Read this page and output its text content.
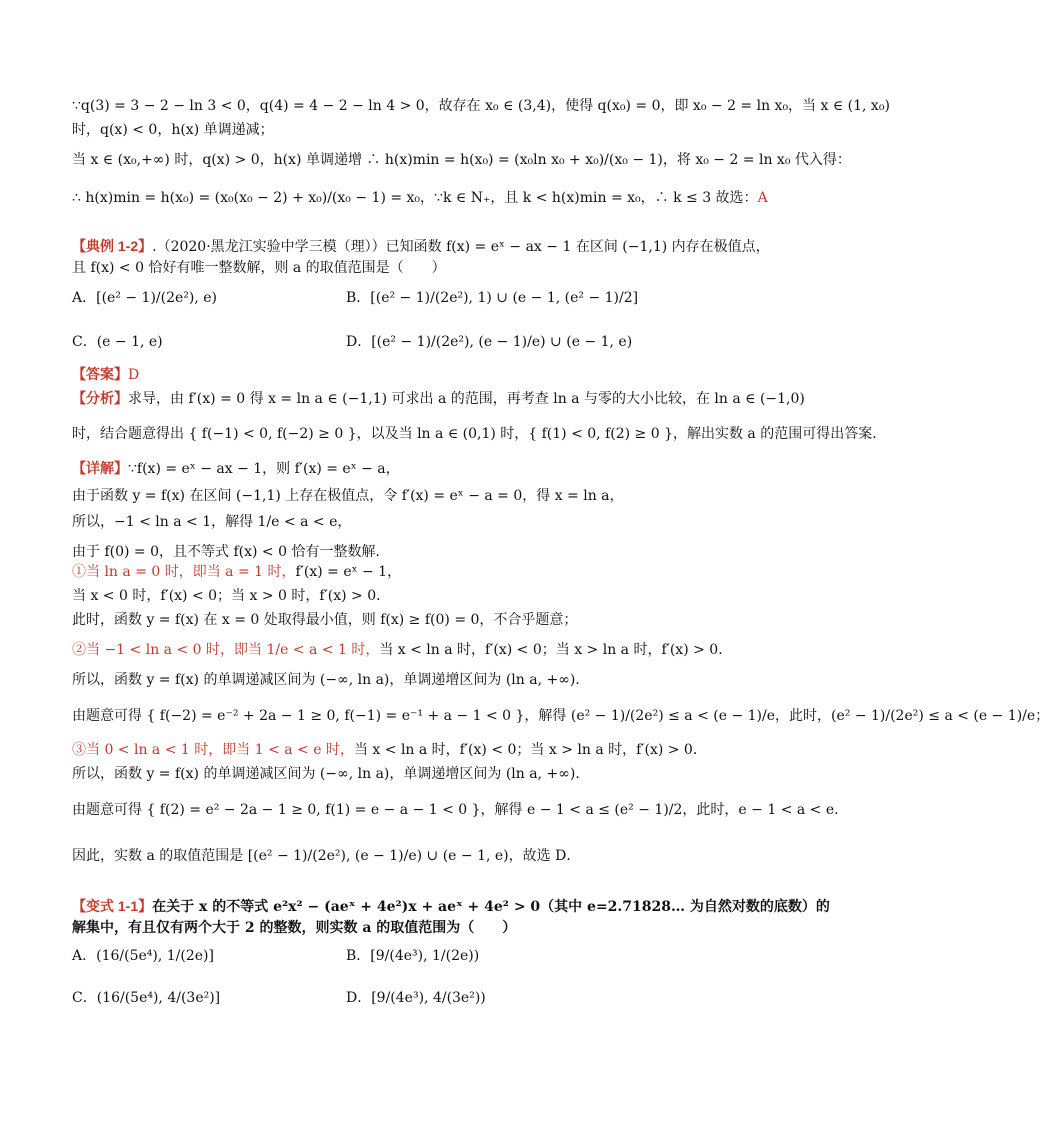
∵q(3) = 3 − 2 − ln 3 < 0，q(4) = 4 − 2 − ln 4 > 0，故存在 x₀ ∈ (3,4)，使得 q(x₀) = 0，即 x₀ − 2 = ln x₀，当 x ∈ (1, x₀)
时，q(x) < 0，h(x) 单调递减；
当 x ∈ (x₀,+∞) 时，q(x) > 0，h(x) 单调递增 ∴ h(x)min = h(x₀) = (x₀ln x₀ + x₀)/(x₀ − 1)，将 x₀ − 2 = ln x₀ 代入得：
∴ h(x)min = h(x₀) = (x₀(x₀ − 2) + x₀)/(x₀ − 1) = x₀，∵k ∈ N₊，且 k < h(x)min = x₀，∴ k ≤ 3 故选：A
【典例 1-2】.（2020·黑龙江实验中学三模（理））已知函数 f(x) = eˣ − ax − 1 在区间 (−1,1) 内存在极值点，
且 f(x) < 0 恰好有唯一整数解，则 a 的取值范围是（　　）
A．[(e² − 1)/(2e²), e)	B．[(e² − 1)/(2e²), 1) ∪ (e − 1, (e² − 1)/2]
C．(e − 1, e)	D．[(e² − 1)/(2e²), (e − 1)/e) ∪ (e − 1, e)
【答案】D
【分析】求导，由 f′(x) = 0 得 x = ln a ∈ (−1,1) 可求出 a 的范围，再考查 ln a 与零的大小比较，在 ln a ∈ (−1,0)
时，结合题意得出 { f(−1) < 0, f(−2) ≥ 0 }，以及当 ln a ∈ (0,1) 时，{ f(1) < 0, f(2) ≥ 0 }，解出实数 a 的范围可得出答案．
【详解】∵f(x) = eˣ − ax − 1，则 f′(x) = eˣ − a，
由于函数 y = f(x) 在区间 (−1,1) 上存在极值点，令 f′(x) = eˣ − a = 0，得 x = ln a，
所以，−1 < ln a < 1，解得 1/e < a < e，
由于 f(0) = 0，且不等式 f(x) < 0 恰有一整数解．
①当 ln a = 0 时，即当 a = 1 时，f′(x) = eˣ − 1，
当 x < 0 时，f′(x) < 0；当 x > 0 时，f′(x) > 0．
此时，函数 y = f(x) 在 x = 0 处取得最小值，则 f(x) ≥ f(0) = 0，不合乎题意；
②当 −1 < ln a < 0 时，即当 1/e < a < 1 时，当 x < ln a 时，f′(x) < 0；当 x > ln a 时，f′(x) > 0．
所以，函数 y = f(x) 的单调递减区间为 (−∞, ln a)，单调递增区间为 (ln a, +∞)．
由题意可得 { f(−2) = e⁻² + 2a − 1 ≥ 0, f(−1) = e⁻¹ + a − 1 < 0 }，解得 (e² − 1)/(2e²) ≤ a < (e − 1)/e，此时，(e² − 1)/(2e²) ≤ a < (e − 1)/e；
③当 0 < ln a < 1 时，即当 1 < a < e 时，当 x < ln a 时，f′(x) < 0；当 x > ln a 时，f′(x) > 0．
所以，函数 y = f(x) 的单调递减区间为 (−∞, ln a)，单调递增区间为 (ln a, +∞)．
由题意可得 { f(2) = e² − 2a − 1 ≥ 0, f(1) = e − a − 1 < 0 }，解得 e − 1 < a ≤ (e² − 1)/2，此时，e − 1 < a < e．
因此，实数 a 的取值范围是 [(e² − 1)/(2e²), (e − 1)/e) ∪ (e − 1, e)，故选 D．
【变式 1-1】在关于 x 的不等式 e²x² − (aeˣ + 4e²)x + aeˣ + 4e² > 0（其中 e=2.71828… 为自然对数的底数）的
解集中，有且仅有两个大于 2 的整数，则实数 a 的取值范围为（　　）
A．(16/(5e⁴), 1/(2e)]	B．[9/(4e³), 1/(2e))
C．(16/(5e⁴), 4/(3e²)]	D．[9/(4e³), 4/(3e²))
